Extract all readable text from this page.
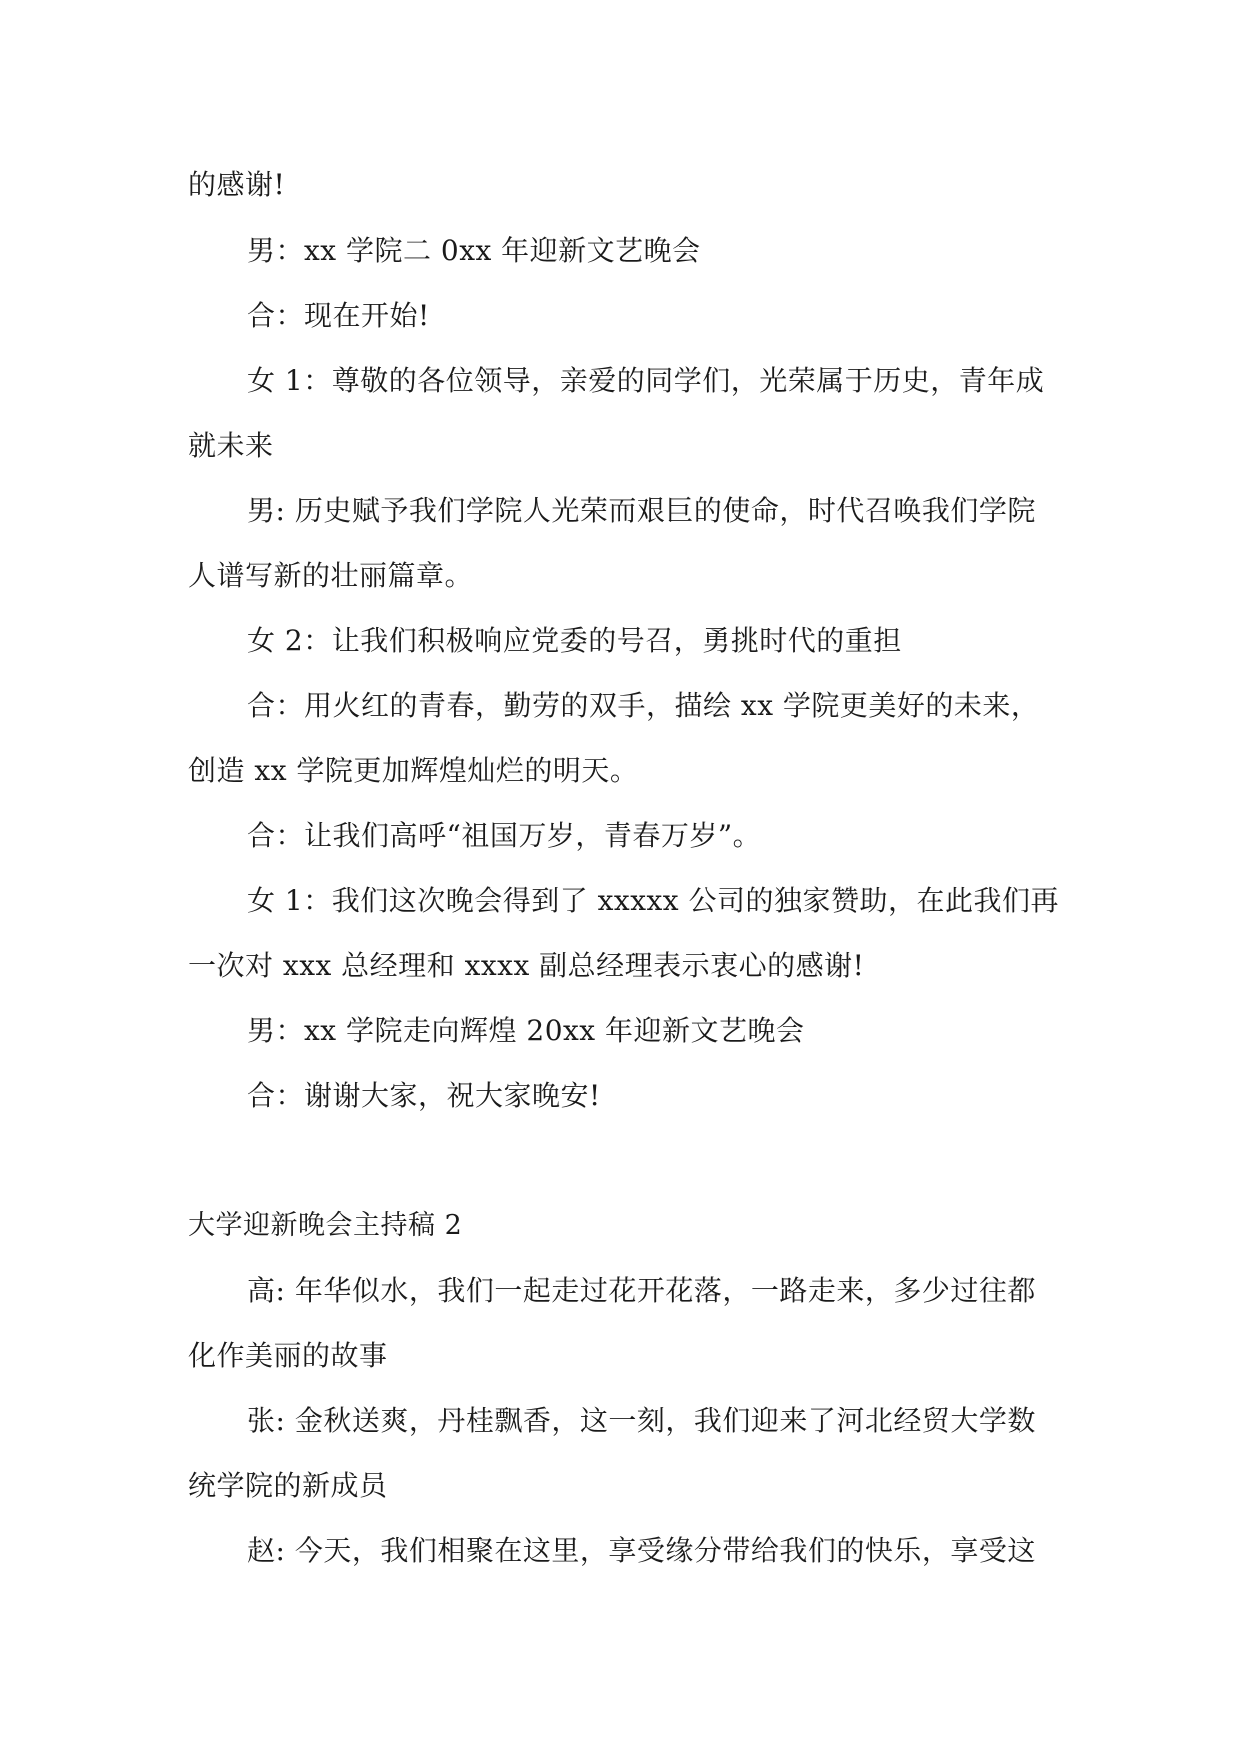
的感谢!
男：xx 学院二 0xx 年迎新文艺晚会
合：现在开始!
女 1：尊敬的各位领导，亲爱的同学们，光荣属于历史，青年成
就未来
男: 历史赋予我们学院人光荣而艰巨的使命，时代召唤我们学院
人谱写新的壮丽篇章。
女 2：让我们积极响应党委的号召，勇挑时代的重担
合：用火红的青春，勤劳的双手，描绘 xx 学院更美好的未来，
创造 xx 学院更加辉煌灿烂的明天。
合：让我们高呼“祖国万岁，青春万岁”。
女 1：我们这次晚会得到了 xxxxx 公司的独家赞助，在此我们再
一次对 xxx 总经理和 xxxx 副总经理表示衷心的感谢!
男：xx 学院走向辉煌 20xx 年迎新文艺晚会
合：谢谢大家，祝大家晚安!
大学迎新晚会主持稿 2
高: 年华似水，我们一起走过花开花落，一路走来，多少过往都
化作美丽的故事
张: 金秋送爽，丹桂飘香，这一刻，我们迎来了河北经贸大学数
统学院的新成员
赵: 今天，我们相聚在这里，享受缘分带给我们的快乐，享受这
